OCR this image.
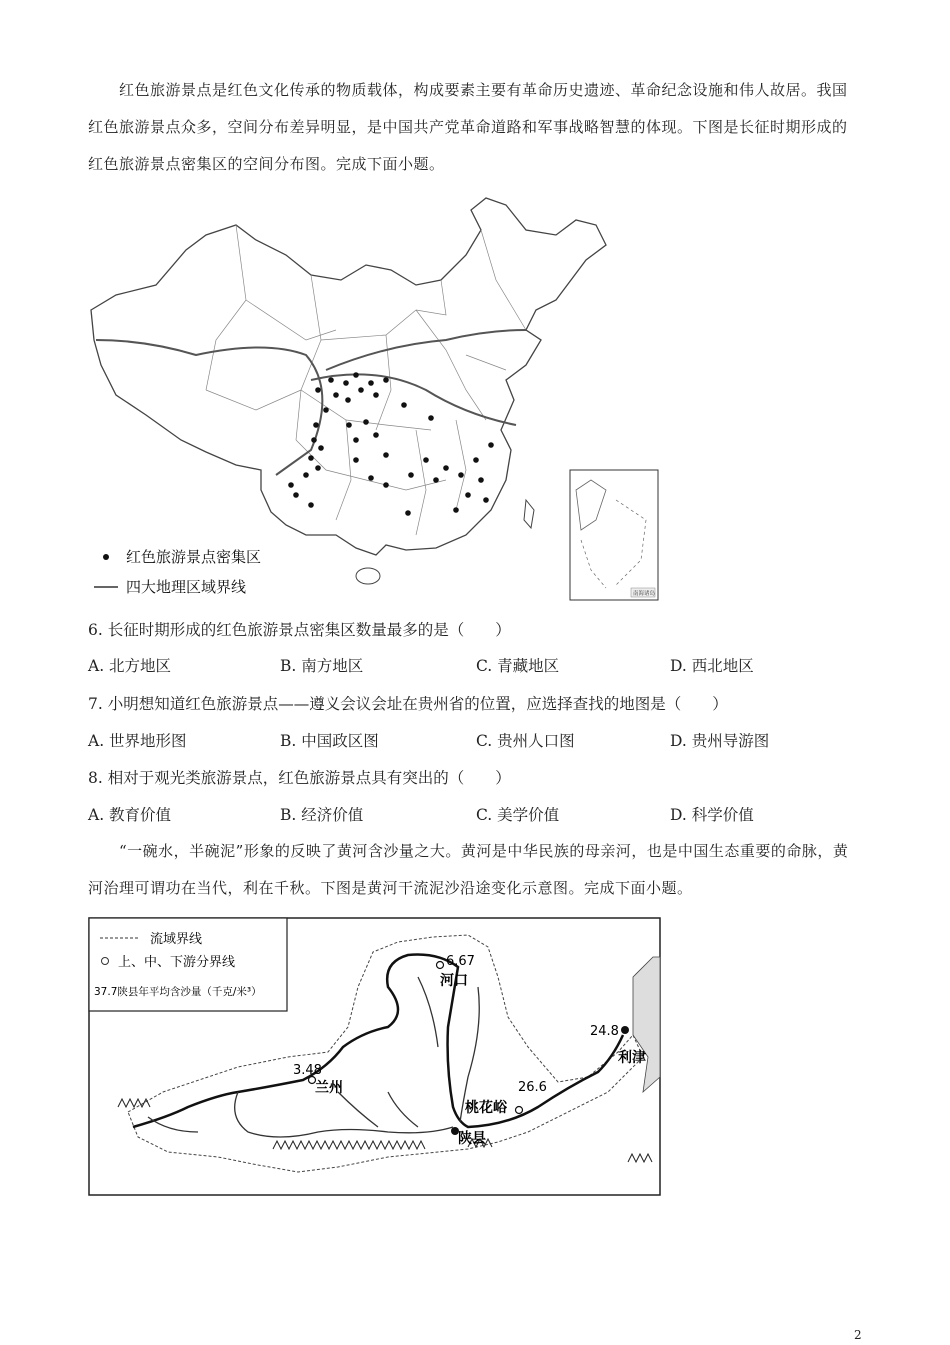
红色旅游景点是红色文化传承的物质载体，构成要素主要有革命历史遗迹、革命纪念设施和伟人故居。我国红色旅游景点众多，空间分布差异明显，是中国共产党革命道路和军事战略智慧的体现。下图是长征时期形成的红色旅游景点密集区的空间分布图。完成下面小题。

红色旅游景点密集区
四大地理区域界线	南海诸岛

6. 长征时期形成的红色旅游景点密集区数量最多的是（　　）

A. 北方地区	B. 南方地区	C. 青藏地区	D. 西北地区

7. 小明想知道红色旅游景点——遵义会议会址在贵州省的位置，应选择查找的地图是（　　）

A. 世界地形图	B. 中国政区图	C. 贵州人口图	D. 贵州导游图

8. 相对于观光类旅游景点，红色旅游景点具有突出的（　　）

A. 教育价值	B. 经济价值	C. 美学价值	D. 科学价值

“一碗水，半碗泥”形象的反映了黄河含沙量之大。黄河是中华民族的母亲河，也是中国生态重要的命脉，黄河治理可谓功在当代，利在千秋。下图是黄河干流泥沙沿途变化示意图。完成下面小题。

流域界线
上、中、下游分界线
37.7陕县年平均含沙量（千克/米³）
河口
6.67
3.48
兰州	26.6
桃花峪
陕县
24.8
利津
2
